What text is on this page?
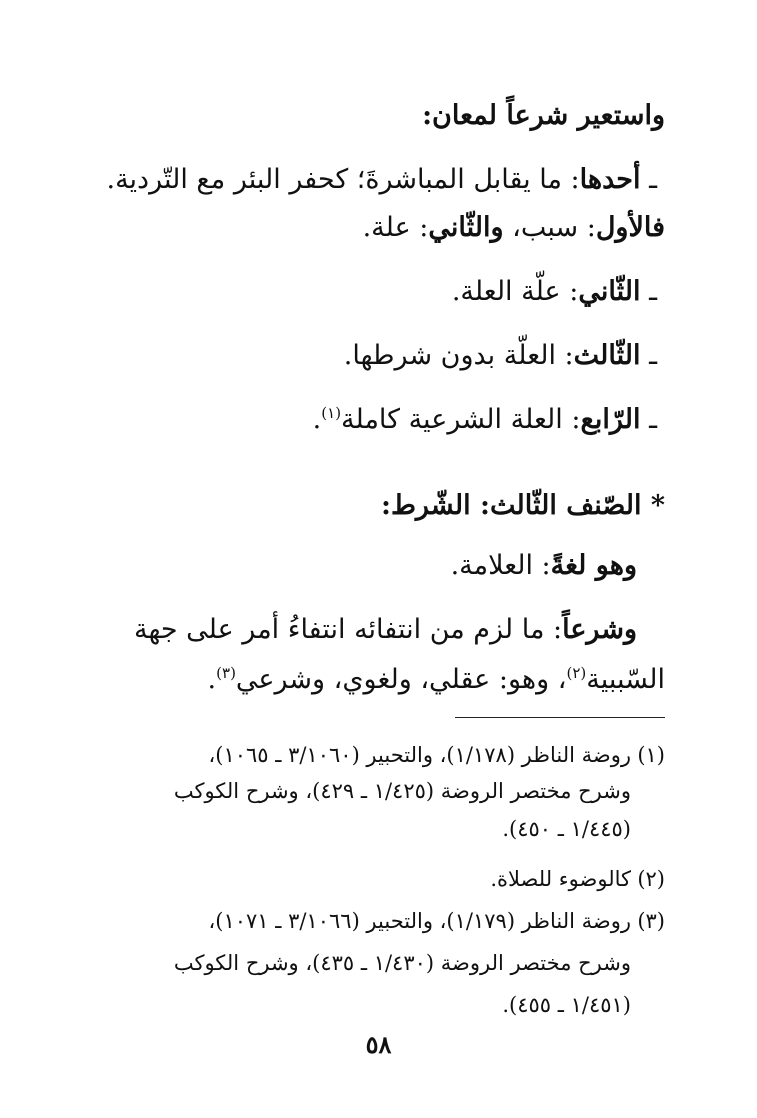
واستعير شرعاً لمعان:
ـ أحدها: ما يقابل المباشرةَ؛ كحفر البئر مع التّردية.
فالأول: سبب، والثّاني: علة.
ـ الثّاني: علّة العلة.
ـ الثّالث: العلّة بدون شرطها.
ـ الرّابع: العلة الشرعية كاملة$^{(١)}$.
* الصّنف الثّالث: الشّرط:
وهو لغةً: العلامة.
وشرعاً: ما لزم من انتفائه انتفاءُ أمر على جهة
السّببية$^{(٢)}$، وهو: عقلي، ولغوي، وشرعي$^{(٣)}$.
(١)روضة الناظر (١/١٧٨)، والتحبير (٣/١٠٦٠ ـ ١٠٦٥)،
وشرح مختصر الروضة (١/٤٢٥ ـ ٤٢٩)، وشرح الكوكب
(١/٤٤٥ ـ ٤٥٠).
(٢)كالوضوء للصلاة.
(٣)روضة الناظر (١/١٧٩)، والتحبير (٣/١٠٦٦ ـ ١٠٧١)،
وشرح مختصر الروضة (١/٤٣٠ ـ ٤٣٥)، وشرح الكوكب
(١/٤٥١ ـ ٤٥٥).
٥٨
